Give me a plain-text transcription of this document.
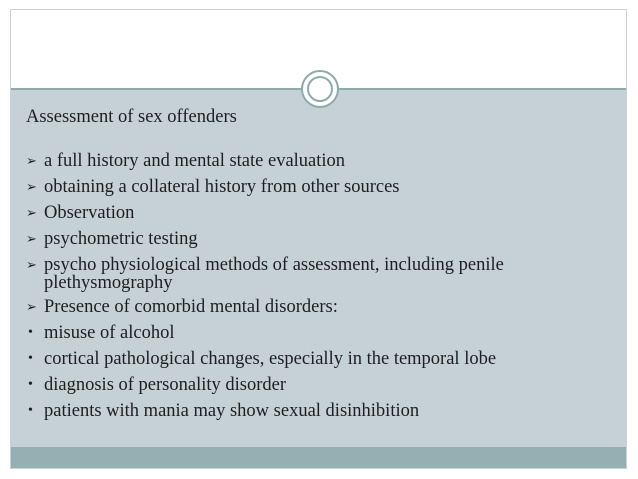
Assessment of sex offenders
➢ a full history and mental state evaluation
➢ obtaining a collateral history from other sources
➢ Observation
➢ psychometric testing
➢ psycho physiological methods of assessment, including penile plethysmography
➢ Presence of comorbid mental disorders:
• misuse of alcohol
• cortical pathological changes, especially in the temporal lobe
• diagnosis of personality disorder
• patients with mania may show sexual disinhibition
